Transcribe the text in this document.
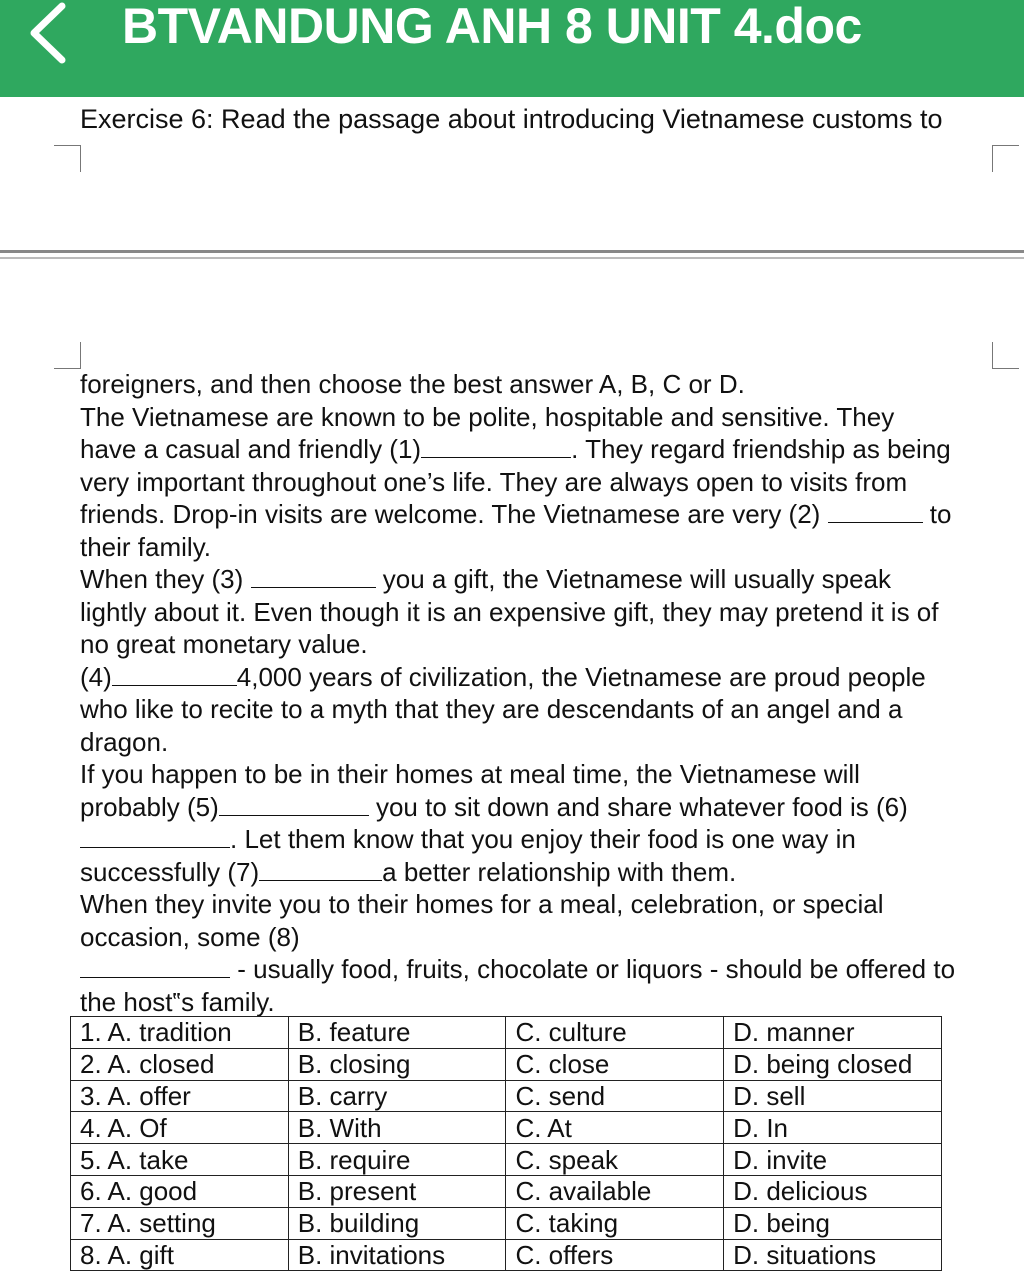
BTVANDUNG ANH 8 UNIT 4.doc
Exercise 6: Read the passage about introducing Vietnamese customs to
foreigners, and then choose the best answer A, B, C or D.
The Vietnamese are known to be polite, hospitable and sensitive. They
have a casual and friendly (1)	. They regard friendship as being
very important throughout one’s life. They are always open to visits from
friends. Drop-in visits are welcome. The Vietnamese are very (2)	to
their family.
When they (3)	you a gift, the Vietnamese will usually speak
lightly about it. Even though it is an expensive gift, they may pretend it is of
no great monetary value.
(4)	4,000 years of civilization, the Vietnamese are proud people
who like to recite to a myth that they are descendants of an angel and a
dragon.
If you happen to be in their homes at meal time, the Vietnamese will
probably (5)	you to sit down and share whatever food is (6)
. Let them know that you enjoy their food is one way in
successfully (7)	a better relationship with them.
When they invite you to their homes for a meal, celebration, or special
occasion, some (8)
- usually food, fruits, chocolate or liquors - should be offered to
the host‟s family.
1. A. tradition	B. feature	C. culture	D. manner
2. A. closed	B. closing	C. close	D. being closed
3. A. offer	B. carry	C. send	D. sell
4. A. Of	B. With	C. At	D. In
5. A. take	B. require	C. speak	D. invite
6. A. good	B. present	C. available	D. delicious
7. A. setting	B. building	C. taking	D. being
8. A. gift	B. invitations	C. offers	D. situations
